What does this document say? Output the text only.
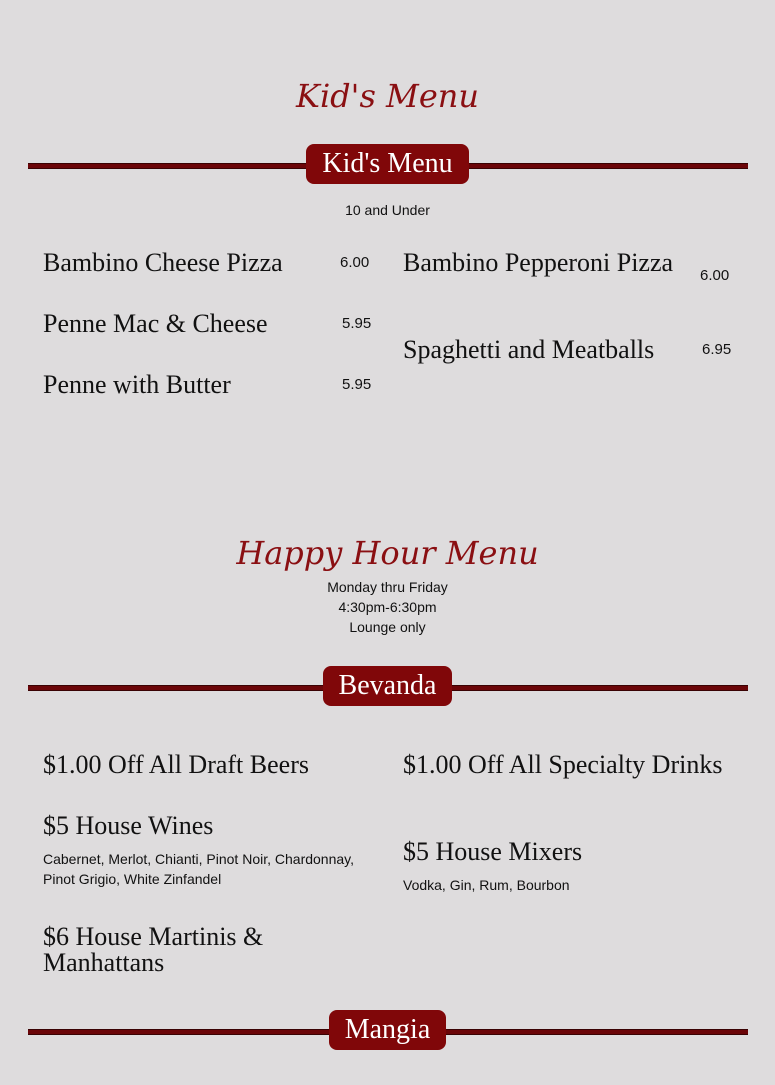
Kid's Menu
Kid's Menu
10 and Under
Bambino Cheese Pizza	6.00
Penne Mac & Cheese	5.95
Penne with Butter	5.95
Bambino Pepperoni Pizza	6.00
Spaghetti and Meatballs	6.95
Happy Hour Menu
Monday thru Friday
4:30pm-6:30pm
Lounge only
Bevanda
$1.00 Off All Draft Beers
$5 House Wines
Cabernet, Merlot, Chianti, Pinot Noir, Chardonnay, Pinot Grigio, White Zinfandel
$6 House Martinis & Manhattans
$1.00 Off All Specialty Drinks
$5 House Mixers
Vodka, Gin, Rum, Bourbon
Mangia
